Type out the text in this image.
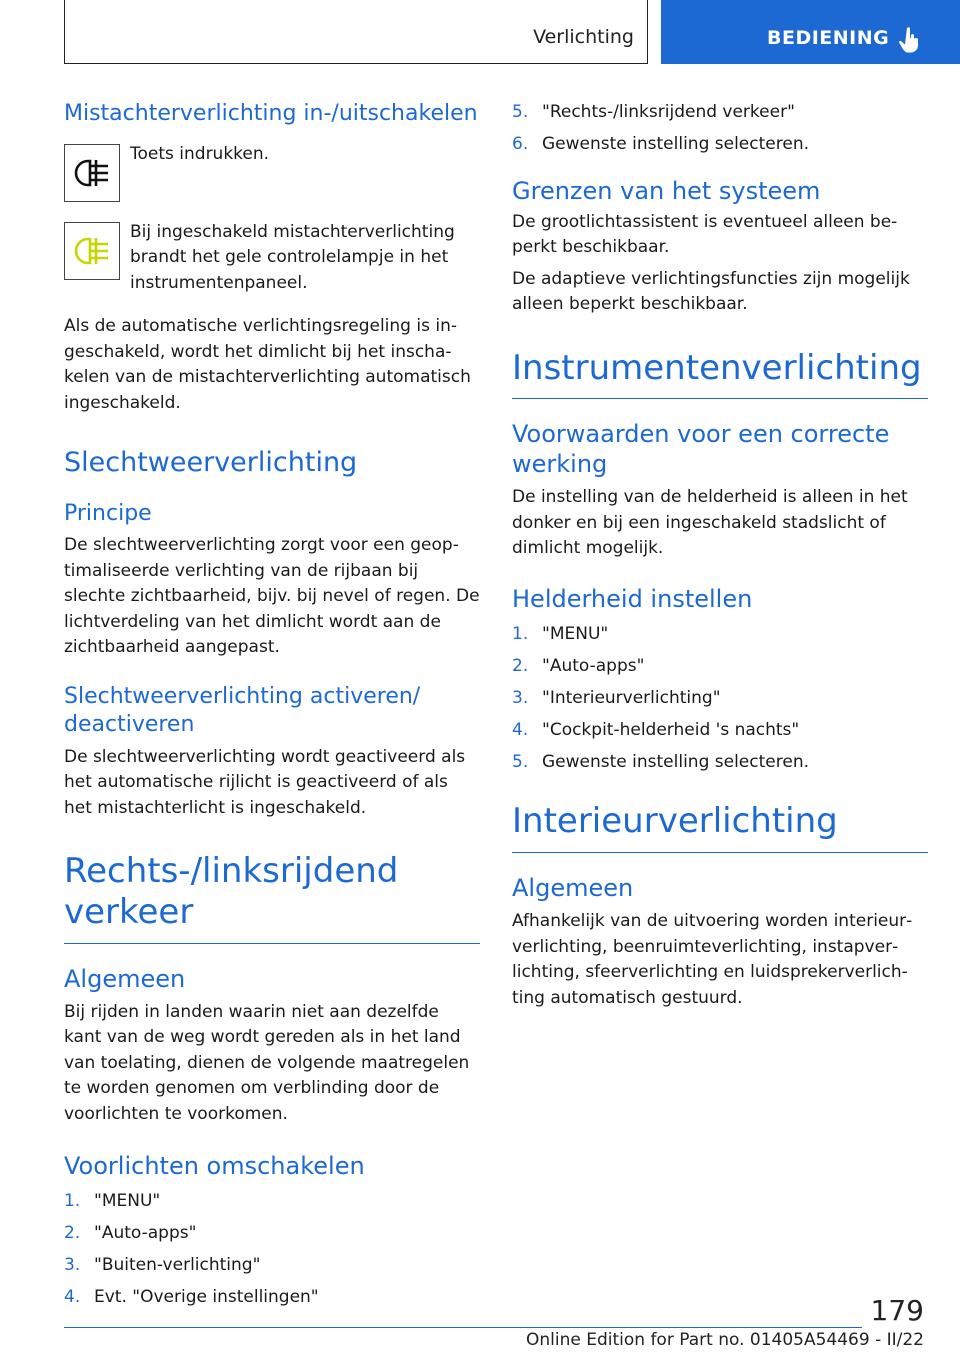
Verlichting	BEDIENING
Mistachterverlichting in-/uitschakelen

Toets indrukken.

Bij ingeschakeld mistachterverlichting brandt het gele controlelampje in het instrumentenpaneel.

Als de automatische verlichtingsregeling is ingeschakeld, wordt het dimlicht bij het inschakelen van de mistachterverlichting automatisch ingeschakeld.

Slechtweerverlichting
Principe

De slechtweerverlichting zorgt voor een geoptimaliseerde verlichting van de rijbaan bij slechte zichtbaarheid, bijv. bij nevel of regen. De lichtverdeling van het dimlicht wordt aan de zichtbaarheid aangepast.

Slechtweerverlichting activeren/ deactiveren

De slechtweerverlichting wordt geactiveerd als het automatische rijlicht is geactiveerd of als het mistachterlicht is ingeschakeld.

Rechts-/linksrijdend verkeer
Algemeen

Bij rijden in landen waarin niet aan dezelfde kant van de weg wordt gereden als in het land van toelating, dienen de volgende maatregelen te worden genomen om verblinding door de voorlichten te voorkomen.

Voorlichten omschakelen
1. "MENU"
2. "Auto-apps"
3. "Buiten-verlichting"
4. Evt. "Overige instellingen"
5. "Rechts-/linksrijdend verkeer"
6. Gewenste instelling selecteren.
Grenzen van het systeem

De grootlichtassistent is eventueel alleen beperkt beschikbaar.

De adaptieve verlichtingsfuncties zijn mogelijk alleen beperkt beschikbaar.

Instrumentenverlichting
Voorwaarden voor een correcte werking

De instelling van de helderheid is alleen in het donker en bij een ingeschakeld stadslicht of dimlicht mogelijk.

Helderheid instellen
1. "MENU"
2. "Auto-apps"
3. "Interieurverlichting"
4. "Cockpit-helderheid 's nachts"
5. Gewenste instelling selecteren.
Interieurverlichting
Algemeen

Afhankelijk van de uitvoering worden interieurverlichting, beenruimteverlichting, instapverlichting, sfeerverlichting en luidsprekerverlichting automatisch gestuurd.

179
Online Edition for Part no. 01405A54469 - II/22
